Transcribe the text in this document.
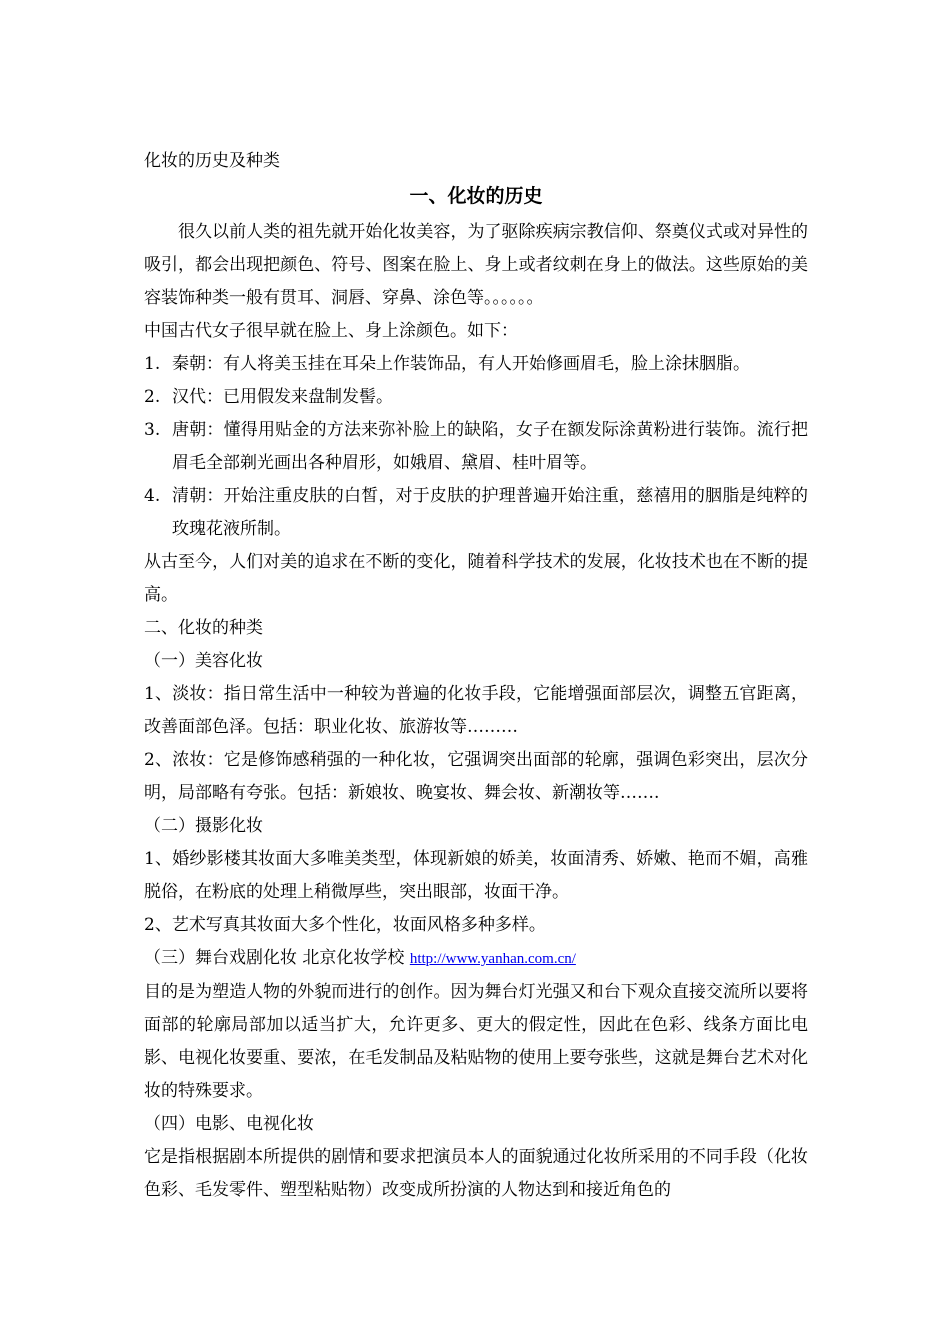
化妆的历史及种类

一、化妆的历史

很久以前人类的祖先就开始化妆美容，为了驱除疾病宗教信仰、祭奠仪式或对异性的吸引，都会出现把颜色、符号、图案在脸上、身上或者纹刺在身上的做法。这些原始的美容装饰种类一般有贯耳、洞唇、穿鼻、涂色等。。。。。。

中国古代女子很早就在脸上、身上涂颜色。如下：

1. 秦朝：有人将美玉挂在耳朵上作装饰品，有人开始修画眉毛，脸上涂抹胭脂。
2. 汉代：已用假发来盘制发髻。
3. 唐朝：懂得用贴金的方法来弥补脸上的缺陷，女子在额发际涂黄粉进行装饰。流行把眉毛全部剃光画出各种眉形，如娥眉、黛眉、桂叶眉等。
4. 清朝：开始注重皮肤的白皙，对于皮肤的护理普遍开始注重，慈禧用的胭脂是纯粹的玫瑰花液所制。

从古至今，人们对美的追求在不断的变化，随着科学技术的发展，化妆技术也在不断的提高。

二、化妆的种类

（一）美容化妆

1、淡妆：指日常生活中一种较为普遍的化妆手段，它能增强面部层次，调整五官距离，改善面部色泽。包括：职业化妆、旅游妆等………

2、浓妆：它是修饰感稍强的一种化妆，它强调突出面部的轮廓，强调色彩突出，层次分明，局部略有夸张。包括：新娘妆、晚宴妆、舞会妆、新潮妆等…….

（二）摄影化妆

1、婚纱影楼其妆面大多唯美类型，体现新娘的娇美，妆面清秀、娇嫩、艳而不媚，高雅脱俗，在粉底的处理上稍微厚些，突出眼部，妆面干净。

2、艺术写真其妆面大多个性化，妆面风格多种多样。

（三）舞台戏剧化妆 北京化妆学校 http://www.yanhan.com.cn/

目的是为塑造人物的外貌而进行的创作。因为舞台灯光强又和台下观众直接交流所以要将面部的轮廓局部加以适当扩大，允许更多、更大的假定性，因此在色彩、线条方面比电影、电视化妆要重、要浓，在毛发制品及粘贴物的使用上要夸张些，这就是舞台艺术对化妆的特殊要求。

（四）电影、电视化妆

它是指根据剧本所提供的剧情和要求把演员本人的面貌通过化妆所采用的不同手段（化妆色彩、毛发零件、塑型粘贴物）改变成所扮演的人物达到和接近角色的
